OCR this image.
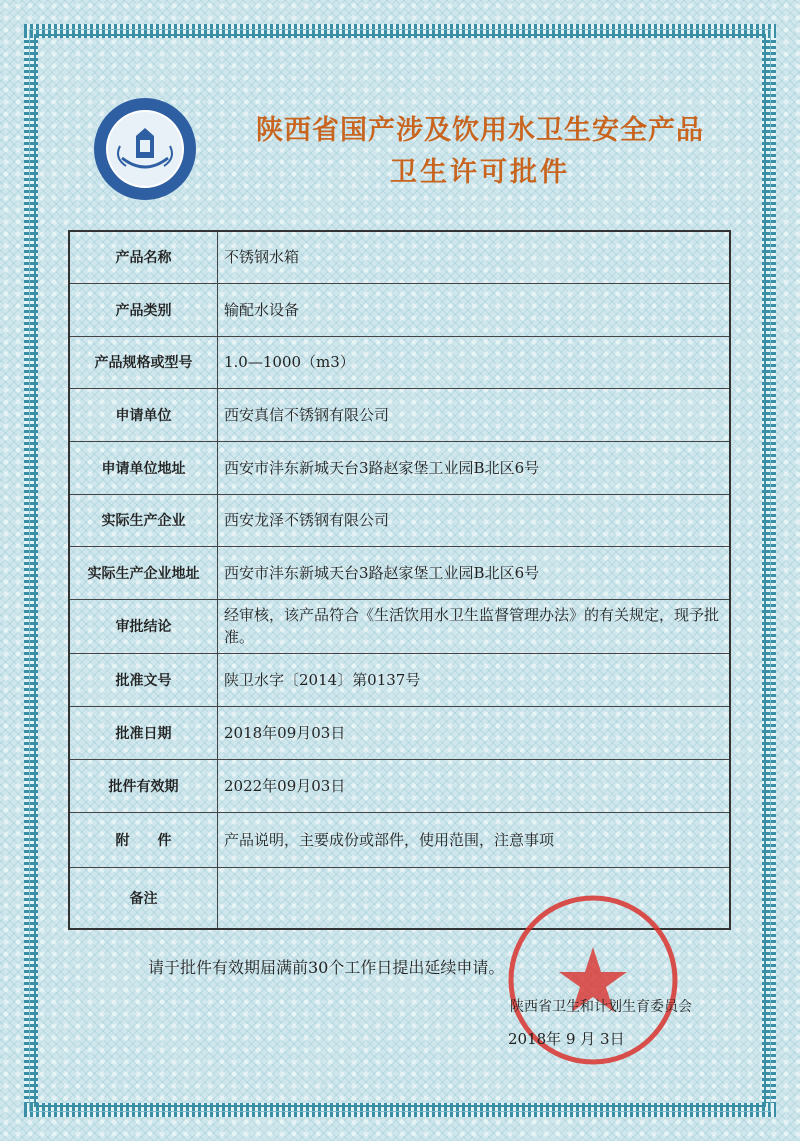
陕西省国产涉及饮用水卫生安全产品
卫生许可批件
产品名称	不锈钢水箱
产品类别	输配水设备
产品规格或型号	1.0—1000（m3）
申请单位	西安真信不锈钢有限公司
申请单位地址	西安市沣东新城天台3路赵家堡工业园B北区6号
实际生产企业	西安龙泽不锈钢有限公司
实际生产企业地址	西安市沣东新城天台3路赵家堡工业园B北区6号
审批结论	经审核，该产品符合《生活饮用水卫生监督管理办法》的有关规定，现予批准。
批准文号	陕卫水字〔2014〕第0137号
批准日期	2018年09月03日
批件有效期	2022年09月03日
附　　件	产品说明，主要成份或部件，使用范围，注意事项
备注	
请于批件有效期届满前30个工作日提出延续申请。
陕西省卫生和计划生育委员会
2018年 9 月 3日
